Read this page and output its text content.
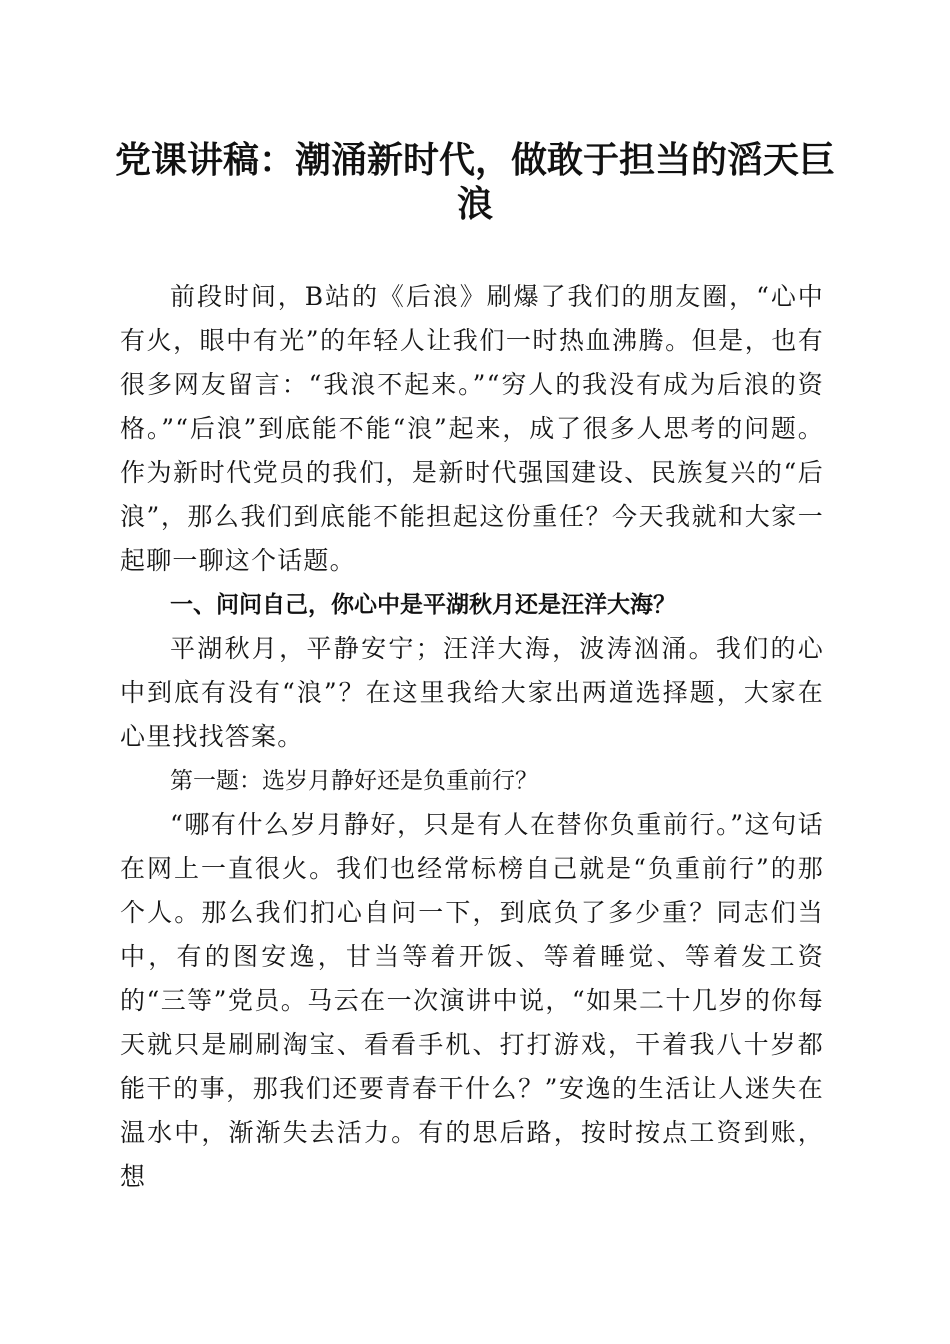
党课讲稿：潮涌新时代，做敢于担当的滔天巨浪

前段时间，B站的《后浪》刷爆了我们的朋友圈，“心中有火，眼中有光”的年轻人让我们一时热血沸腾。但是，也有很多网友留言：“我浪不起来。”“穷人的我没有成为后浪的资格。”“后浪”到底能不能“浪”起来，成了很多人思考的问题。作为新时代党员的我们，是新时代强国建设、民族复兴的“后浪”，那么我们到底能不能担起这份重任？今天我就和大家一起聊一聊这个话题。

一、问问自己，你心中是平湖秋月还是汪洋大海？

平湖秋月，平静安宁；汪洋大海，波涛汹涌。我们的心中到底有没有“浪”？在这里我给大家出两道选择题，大家在心里找找答案。

第一题：选岁月静好还是负重前行？

“哪有什么岁月静好，只是有人在替你负重前行。”这句话在网上一直很火。我们也经常标榜自己就是“负重前行”的那个人。那么我们扪心自问一下，到底负了多少重？同志们当中，有的图安逸，甘当等着开饭、等着睡觉、等着发工资的“三等”党员。马云在一次演讲中说，“如果二十几岁的你每天就只是刷刷淘宝、看看手机、打打游戏，干着我八十岁都能干的事，那我们还要青春干什么？”安逸的生活让人迷失在温水中，渐渐失去活力。有的思后路，按时按点工资到账，想
